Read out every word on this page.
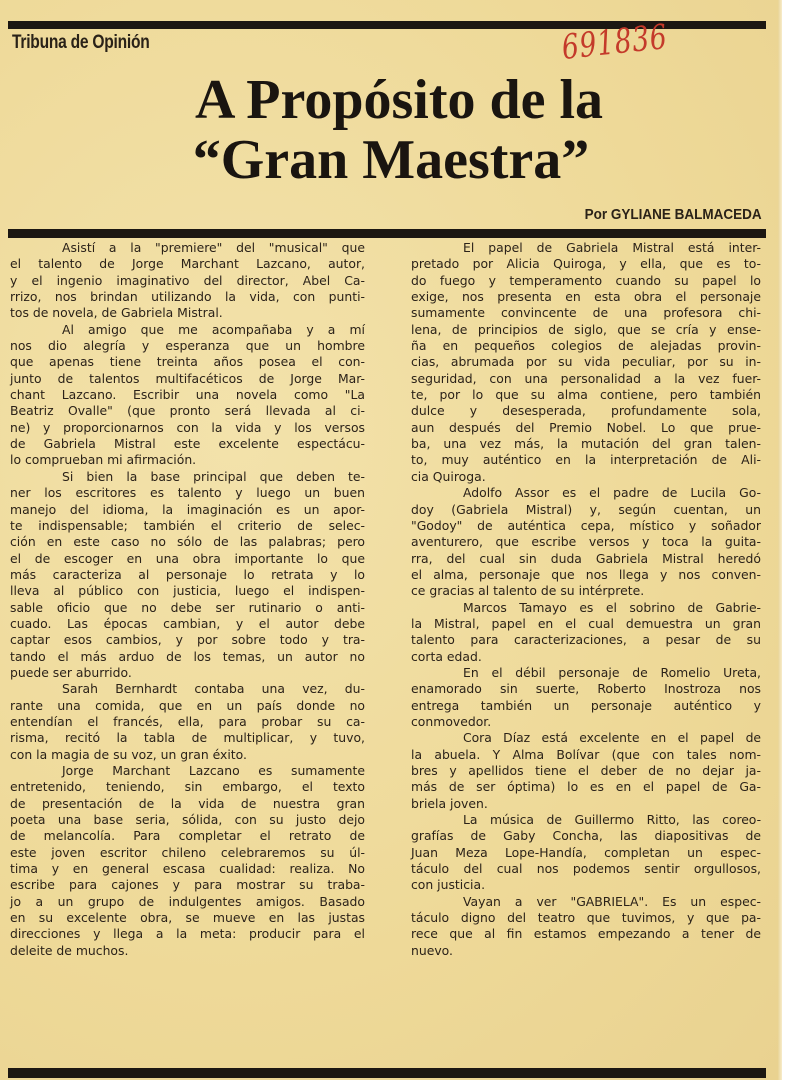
Tribuna de Opinión	691836
A Propósito de la
“Gran Maestra”
Por GYLIANE BALMACEDA

Asistí a la "premiere" del "musical" que
el talento de Jorge Marchant Lazcano, autor,
y el ingenio imaginativo del director, Abel Ca-
rrizo, nos brindan utilizando la vida, con punti-
tos de novela, de Gabriela Mistral.

Al amigo que me acompañaba y a mí
nos dio alegría y esperanza que un hombre
que apenas tiene treinta años posea el con-
junto de talentos multifacéticos de Jorge Mar-
chant Lazcano. Escribir una novela como "La
Beatriz Ovalle" (que pronto será llevada al ci-
ne) y proporcionarnos con la vida y los versos
de Gabriela Mistral este excelente espectácu-
lo comprueban mi afirmación.

Si bien la base principal que deben te-
ner los escritores es talento y luego un buen
manejo del idioma, la imaginación es un apor-
te indispensable; también el criterio de selec-
ción en este caso no sólo de las palabras; pero
el de escoger en una obra importante lo que
más caracteriza al personaje lo retrata y lo
lleva al público con justicia, luego el indispen-
sable oficio que no debe ser rutinario o anti-
cuado. Las épocas cambian, y el autor debe
captar esos cambios, y por sobre todo y tra-
tando el más arduo de los temas, un autor no
puede ser aburrido.

Sarah Bernhardt contaba una vez, du-
rante una comida, que en un país donde no
entendían el francés, ella, para probar su ca-
risma, recitó la tabla de multiplicar, y tuvo,
con la magia de su voz, un gran éxito.

Jorge Marchant Lazcano es sumamente
entretenido, teniendo, sin embargo, el texto
de presentación de la vida de nuestra gran
poeta una base seria, sólida, con su justo dejo
de melancolía. Para completar el retrato de
este joven escritor chileno celebraremos su úl-
tima y en general escasa cualidad: realiza. No
escribe para cajones y para mostrar su traba-
jo a un grupo de indulgentes amigos. Basado
en su excelente obra, se mueve en las justas
direcciones y llega a la meta: producir para el
deleite de muchos.

El papel de Gabriela Mistral está inter-
pretado por Alicia Quiroga, y ella, que es to-
do fuego y temperamento cuando su papel lo
exige, nos presenta en esta obra el personaje
sumamente convincente de una profesora chi-
lena, de principios de siglo, que se cría y ense-
ña en pequeños colegios de alejadas provin-
cias, abrumada por su vida peculiar, por su in-
seguridad, con una personalidad a la vez fuer-
te, por lo que su alma contiene, pero también
dulce y desesperada, profundamente sola,
aun después del Premio Nobel. Lo que prue-
ba, una vez más, la mutación del gran talen-
to, muy auténtico en la interpretación de Ali-
cia Quiroga.

Adolfo Assor es el padre de Lucila Go-
doy (Gabriela Mistral) y, según cuentan, un
"Godoy" de auténtica cepa, místico y soñador
aventurero, que escribe versos y toca la guita-
rra, del cual sin duda Gabriela Mistral heredó
el alma, personaje que nos llega y nos conven-
ce gracias al talento de su intérprete.

Marcos Tamayo es el sobrino de Gabrie-
la Mistral, papel en el cual demuestra un gran
talento para caracterizaciones, a pesar de su
corta edad.

En el débil personaje de Romelio Ureta,
enamorado sin suerte, Roberto Inostroza nos
entrega también un personaje auténtico y
conmovedor.

Cora Díaz está excelente en el papel de
la abuela. Y Alma Bolívar (que con tales nom-
bres y apellidos tiene el deber de no dejar ja-
más de ser óptima) lo es en el papel de Ga-
briela joven.

La música de Guillermo Ritto, las coreo-
grafías de Gaby Concha, las diapositivas de
Juan Meza Lope-Handía, completan un espec-
táculo del cual nos podemos sentir orgullosos,
con justicia.

Vayan a ver "GABRIELA". Es un espec-
táculo digno del teatro que tuvimos, y que pa-
rece que al fin estamos empezando a tener de
nuevo.
